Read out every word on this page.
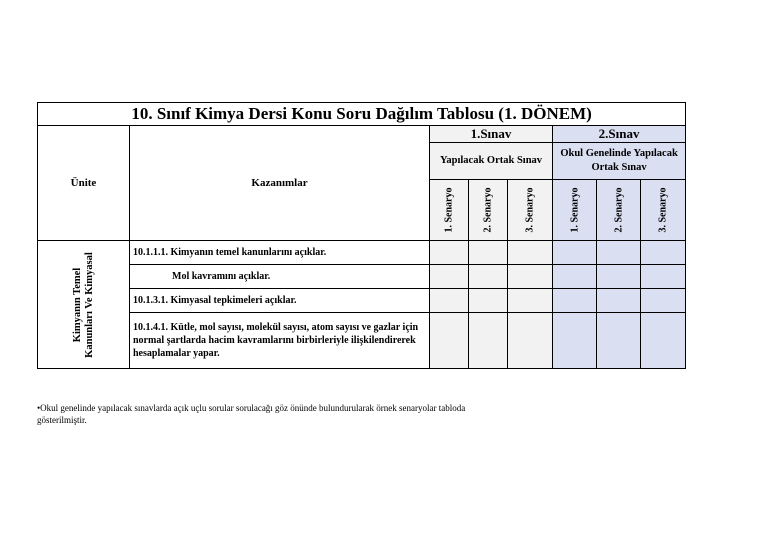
10. Sınıf Kimya Dersi Konu Soru Dağılım Tablosu (1. DÖNEM)							
Ünite	Kazanımlar	1.Sınav			2.Sınav		
		Yapılacak Ortak Sınav			Okul Genelinde Yapılacak Ortak Sınav		

		1. Senaryo	2. Senaryo	3. Senaryo	1. Senaryo	2. Senaryo	3. Senaryo

Kimyanın Temel Kanunları Ve Kimyasal	10.1.1.1. Kimyanın temel kanunlarını açıklar.						
	Mol kavramını açıklar.						
	10.1.3.1. Kimyasal tepkimeleri açıklar.						
	10.1.4.1. Kütle, mol sayısı, molekül sayısı, atom sayısı ve gazlar için normal şartlarda hacim kavramlarını birbirleriyle ilişkilendirerek hesaplamalar yapar.						
•Okul genelinde yapılacak sınavlarda açık uçlu sorular sorulacağı göz önünde bulundurularak örnek senaryolar tabloda gösterilmiştir.
